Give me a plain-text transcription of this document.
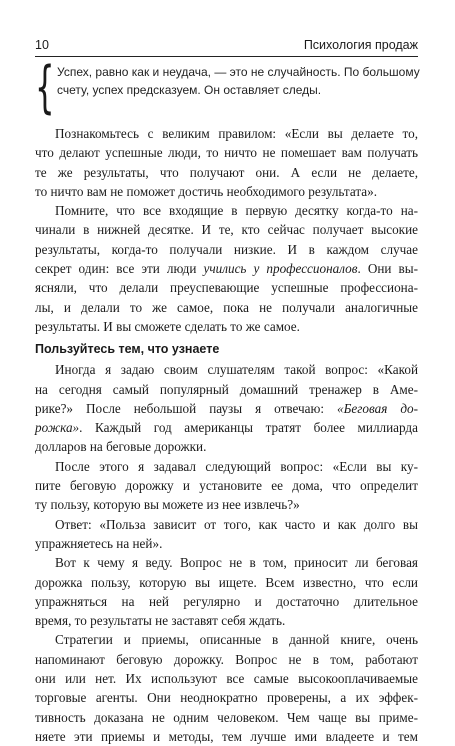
10	Психология продаж
{ Успех, равно как и неудача, — это не случайность. По большому
счету, успех предсказуем. Он оставляет следы.
Познакомьтесь с великим правилом: «Если вы делаете то,
что делают успешные люди, то ничто не помешает вам получать
те же результаты, что получают они. А если не делаете,
то ничто вам не поможет достичь необходимого результата».
Помните, что все входящие в первую десятку когда-то на-
чинали в нижней десятке. И те, кто сейчас получает высокие
результаты, когда-то получали низкие. И в каждом случае
секрет один: все эти люди учились у профессионалов. Они вы-
ясняли, что делали преуспевающие успешные профессиона-
лы, и делали то же самое, пока не получали аналогичные
результаты. И вы сможете сделать то же самое.
Пользуйтесь тем, что узнаете
Иногда я задаю своим слушателям такой вопрос: «Какой
на сегодня самый популярный домашний тренажер в Аме-
рике?» После небольшой паузы я отвечаю: «Беговая до-
рожка». Каждый год американцы тратят более миллиарда
долларов на беговые дорожки.
После этого я задавал следующий вопрос: «Если вы ку-
пите беговую дорожку и установите ее дома, что определит
ту пользу, которую вы можете из нее извлечь?»
Ответ: «Польза зависит от того, как часто и как долго вы
упражняетесь на ней».
Вот к чему я веду. Вопрос не в том, приносит ли беговая
дорожка пользу, которую вы ищете. Всем известно, что если
упражняться на ней регулярно и достаточно длительное
время, то результаты не заставят себя ждать.
Стратегии и приемы, описанные в данной книге, очень
напоминают беговую дорожку. Вопрос не в том, работают
они или нет. Их используют все самые высокооплачиваемые
торговые агенты. Они неоднократно проверены, а их эффек-
тивность доказана не одним человеком. Чем чаще вы приме-
няете эти приемы и методы, тем лучше ими владеете и тем
